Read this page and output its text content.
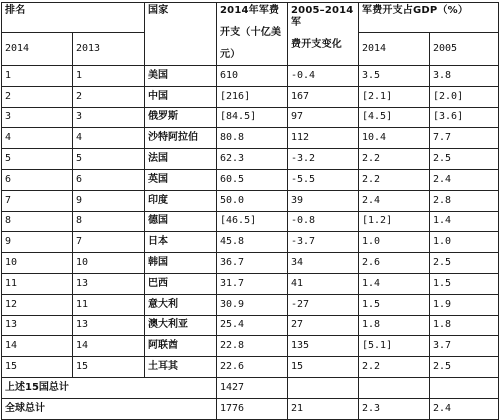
排名		国家	2014年军费
开支（十亿美
元）	2005–2014军
费开支变化	军费开支占GDP（%）	
2014	2013				2014	2005
1	1	美国	610	-0.4	3.5	3.8
2	2	中国	[216]	167	[2.1]	[2.0]
3	3	俄罗斯	[84.5]	97	[4.5]	[3.6]
4	4	沙特阿拉伯	80.8	112	10.4	7.7
5	5	法国	62.3	-3.2	2.2	2.5
6	6	英国	60.5	-5.5	2.2	2.4
7	9	印度	50.0	39	2.4	2.8
8	8	德国	[46.5]	-0.8	[1.2]	1.4
9	7	日本	45.8	-3.7	1.0	1.0
10	10	韩国	36.7	34	2.6	2.5
11	13	巴西	31.7	41	1.4	1.5
12	11	意大利	30.9	-27	1.5	1.9
13	13	澳大利亚	25.4	27	1.8	1.8
14	14	阿联酋	22.8	135	[5.1]	3.7
15	15	土耳其	22.6	15	2.2	2.5
上述15国总计			1427			
全球总计			1776	21	2.3	2.4
